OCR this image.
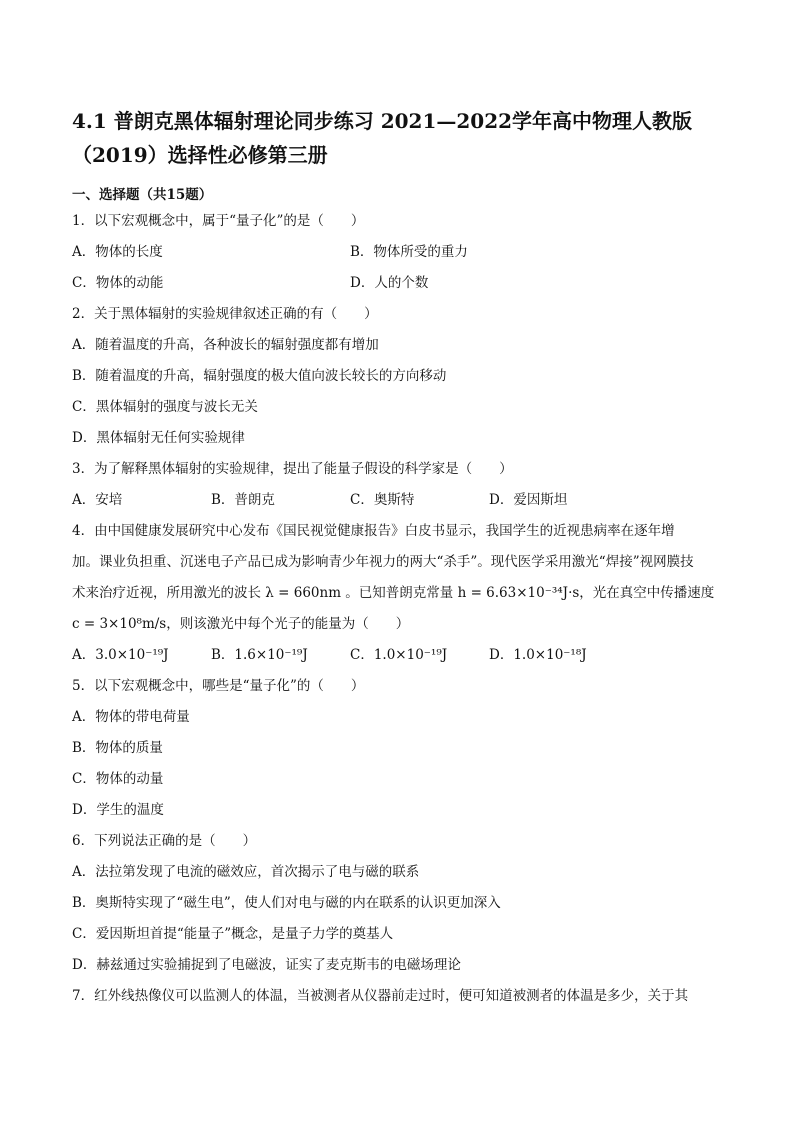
4.1 普朗克黑体辐射理论同步练习 2021—2022学年高中物理人教版
（2019）选择性必修第三册
一、选择题（共15题）

1．以下宏观概念中，属于“量子化”的是（　　）

A．物体的长度	B．物体所受的重力
C．物体的动能	D．人的个数

2．关于黑体辐射的实验规律叙述正确的有（　　）

A．随着温度的升高，各种波长的辐射强度都有增加
B．随着温度的升高，辐射强度的极大值向波长较长的方向移动
C．黑体辐射的强度与波长无关
D．黑体辐射无任何实验规律

3．为了解释黑体辐射的实验规律，提出了能量子假设的科学家是（　　）

A．安培	B．普朗克	C．奥斯特	D．爱因斯坦

4．由中国健康发展研究中心发布《国民视觉健康报告》白皮书显示，我国学生的近视患病率在逐年增

加。课业负担重、沉迷电子产品已成为影响青少年视力的两大“杀手”。现代医学采用激光“焊接”视网膜技

术来治疗近视，所用激光的波长 λ = 660nm 。已知普朗克常量 h = 6.63×10⁻³⁴J·s，光在真空中传播速度

c = 3×10⁸m/s，则该激光中每个光子的能量为（　　）

A．3.0×10⁻¹⁹J	B．1.6×10⁻¹⁹J	C．1.0×10⁻¹⁹J	D．1.0×10⁻¹⁸J

5．以下宏观概念中，哪些是“量子化”的（　　）

A．物体的带电荷量
B．物体的质量
C．物体的动量
D．学生的温度

6．下列说法正确的是（　　）

A．法拉第发现了电流的磁效应，首次揭示了电与磁的联系
B．奥斯特实现了“磁生电”，使人们对电与磁的内在联系的认识更加深入
C．爱因斯坦首提“能量子”概念，是量子力学的奠基人
D．赫兹通过实验捕捉到了电磁波，证实了麦克斯韦的电磁场理论

7．红外线热像仪可以监测人的体温，当被测者从仪器前走过时，便可知道被测者的体温是多少，关于其
